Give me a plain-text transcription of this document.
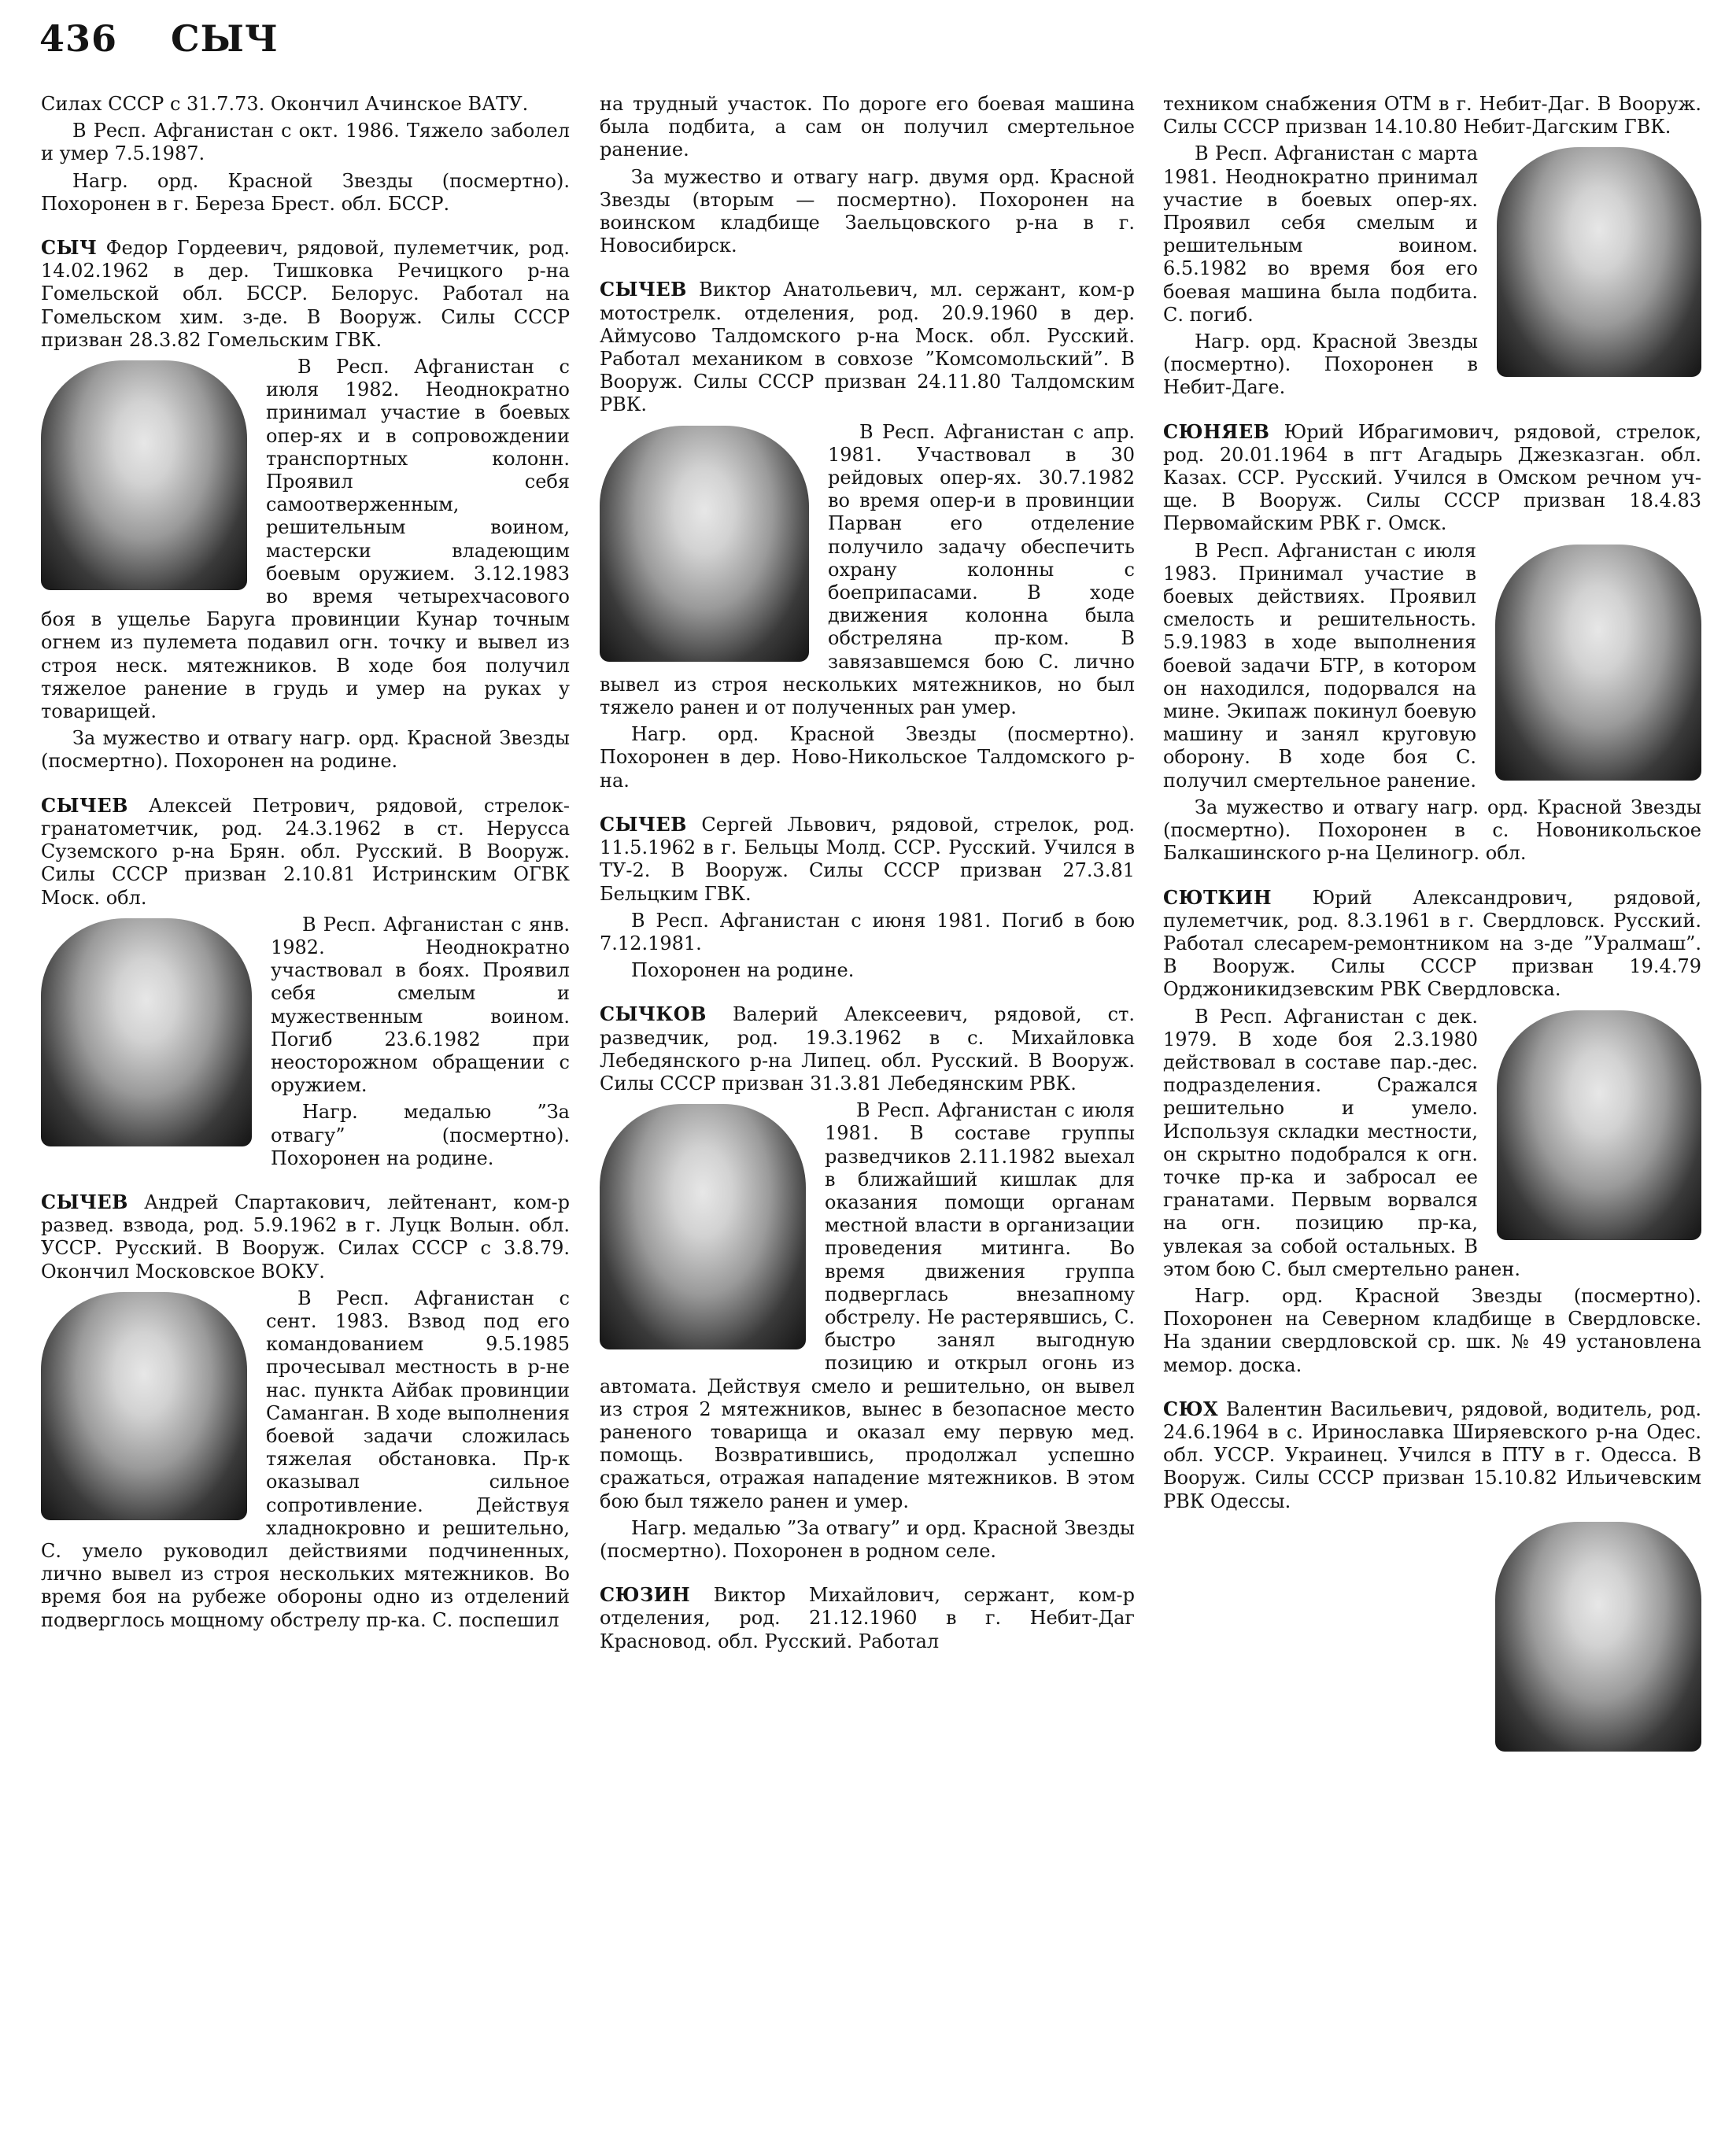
436 СЫЧ

Силах СССР с 31.7.73. Окончил Ачинское ВАТУ.

В Респ. Афганистан с окт. 1986. Тяжело заболел и умер 7.5.1987.

Нагр. орд. Красной Звезды (посмертно). Похоронен в г. Береза Брест. обл. БССР.

СЫЧ Федор Гордеевич, рядовой, пулеметчик, род. 14.02.1962 в дер. Тишковка Речицкого р-на Гомельской обл. БССР. Белорус. Работал на Гомельском хим. з-де. В Вооруж. Силы СССР призван 28.3.82 Гомельским ГВК.

В Респ. Афганистан с июля 1982. Неоднократно принимал участие в боевых опер-ях и в сопровождении транспортных колонн. Проявил себя самоотверженным, решительным воином, мастерски владеющим боевым оружием. 3.12.1983 во время четырехчасового боя в ущелье Баруга провинции Кунар точным огнем из пулемета подавил огн. точку и вывел из строя неск. мятежников. В ходе боя получил тяжелое ранение в грудь и умер на руках у товарищей.

За мужество и отвагу нагр. орд. Красной Звезды (посмертно). Похоронен на родине.

СЫЧЕВ Алексей Петрович, рядовой, стрелок-гранатометчик, род. 24.3.1962 в ст. Нерусса Суземского р-на Брян. обл. Русский. В Вооруж. Силы СССР призван 2.10.81 Истринским ОГВК Моск. обл.

В Респ. Афганистан с янв. 1982. Неоднократно участвовал в боях. Проявил себя смелым и мужественным воином. Погиб 23.6.1982 при неосторожном обращении с оружием.

Нагр. медалью ”За отвагу” (посмертно). Похоронен на родине.

СЫЧЕВ Андрей Спартакович, лейтенант, ком-р развед. взвода, род. 5.9.1962 в г. Луцк Волын. обл. УССР. Русский. В Вооруж. Силах СССР с 3.8.79. Окончил Московское ВОКУ.

В Респ. Афганистан с сент. 1983. Взвод под его командованием 9.5.1985 прочесывал местность в р-не нас. пункта Айбак провинции Саманган. В ходе выполнения боевой задачи сложилась тяжелая обстановка. Пр-к оказывал сильное сопротивление. Действуя хладнокровно и решительно, С. умело руководил действиями подчиненных, лично вывел из строя нескольких мятежников. Во время боя на рубеже обороны одно из отделений подверглось мощному обстрелу пр-ка. С. поспешил

на трудный участок. По дороге его боевая машина была подбита, а сам он получил смертельное ранение.

За мужество и отвагу нагр. двумя орд. Красной Звезды (вторым — посмертно). Похоронен на воинском кладбище Заельцовского р-на в г. Новосибирск.

СЫЧЕВ Виктор Анатольевич, мл. сержант, ком-р мотострелк. отделения, род. 20.9.1960 в дер. Аймусово Талдомского р-на Моск. обл. Русский. Работал механиком в совхозе ”Комсомольский”. В Вооруж. Силы СССР призван 24.11.80 Талдомским РВК.

В Респ. Афганистан с апр. 1981. Участвовал в 30 рейдовых опер-ях. 30.7.1982 во время опер-и в провинции Парван его отделение получило задачу обеспечить охрану колонны с боеприпасами. В ходе движения колонна была обстреляна пр-ком. В завязавшемся бою С. лично вывел из строя нескольких мятежников, но был тяжело ранен и от полученных ран умер.

Нагр. орд. Красной Звезды (посмертно). Похоронен в дер. Ново-Никольское Талдомского р-на.

СЫЧЕВ Сергей Львович, рядовой, стрелок, род. 11.5.1962 в г. Бельцы Молд. ССР. Русский. Учился в ТУ-2. В Вооруж. Силы СССР призван 27.3.81 Бельцким ГВК.

В Респ. Афганистан с июня 1981. Погиб в бою 7.12.1981.

Похоронен на родине.

СЫЧКОВ Валерий Алексеевич, рядовой, ст. разведчик, род. 19.3.1962 в с. Михайловка Лебедянского р-на Липец. обл. Русский. В Вооруж. Силы СССР призван 31.3.81 Лебедянским РВК.

В Респ. Афганистан с июля 1981. В составе группы разведчиков 2.11.1982 выехал в ближайший кишлак для оказания помощи органам местной власти в организации проведения митинга. Во время движения группа подверглась внезапному обстрелу. Не растерявшись, С. быстро занял выгодную позицию и открыл огонь из автомата. Действуя смело и решительно, он вывел из строя 2 мятежников, вынес в безопасное место раненого товарища и оказал ему первую мед. помощь. Возвратившись, продолжал успешно сражаться, отражая нападение мятежников. В этом бою был тяжело ранен и умер.

Нагр. медалью ”За отвагу” и орд. Красной Звезды (посмертно). Похоронен в родном селе.

СЮЗИН Виктор Михайлович, сержант, ком-р отделения, род. 21.12.1960 в г. Небит-Даг Красновод. обл. Русский. Работал

техником снабжения ОТМ в г. Небит-Даг. В Вооруж. Силы СССР призван 14.10.80 Небит-Дагским ГВК.

В Респ. Афганистан с марта 1981. Неоднократно принимал участие в боевых опер-ях. Проявил себя смелым и решительным воином. 6.5.1982 во время боя его боевая машина была подбита. С. погиб.

Нагр. орд. Красной Звезды (посмертно). Похоронен в Небит-Даге.

СЮНЯЕВ Юрий Ибрагимович, рядовой, стрелок, род. 20.01.1964 в пгт Агадырь Джезказган. обл. Казах. ССР. Русский. Учился в Омском речном уч-ще. В Вооруж. Силы СССР призван 18.4.83 Первомайским РВК г. Омск.

В Респ. Афганистан с июля 1983. Принимал участие в боевых действиях. Проявил смелость и решительность. 5.9.1983 в ходе выполнения боевой задачи БТР, в котором он находился, подорвался на мине. Экипаж покинул боевую машину и занял круговую оборону. В ходе боя С. получил смертельное ранение.

За мужество и отвагу нагр. орд. Красной Звезды (посмертно). Похоронен в с. Новоникольское Балкашинского р-на Целиногр. обл.

СЮТКИН Юрий Александрович, рядовой, пулеметчик, род. 8.3.1961 в г. Свердловск. Русский. Работал слесарем-ремонтником на з-де ”Уралмаш”. В Вооруж. Силы СССР призван 19.4.79 Орджоникидзевским РВК Свердловска.

В Респ. Афганистан с дек. 1979. В ходе боя 2.3.1980 действовал в составе пар.-дес. подразделения. Сражался решительно и умело. Используя складки местности, он скрытно подобрался к огн. точке пр-ка и забросал ее гранатами. Первым ворвался на огн. позицию пр-ка, увлекая за собой остальных. В этом бою С. был смертельно ранен.

Нагр. орд. Красной Звезды (посмертно). Похоронен на Северном кладбище в Свердловске. На здании свердловской ср. шк. № 49 установлена мемор. доска.

СЮХ Валентин Васильевич, рядовой, водитель, род. 24.6.1964 в с. Иринославка Ширяевского р-на Одес. обл. УССР. Украинец. Учился в ПТУ в г. Одесса. В Вооруж. Силы СССР призван 15.10.82 Ильичевским РВК Одессы.
